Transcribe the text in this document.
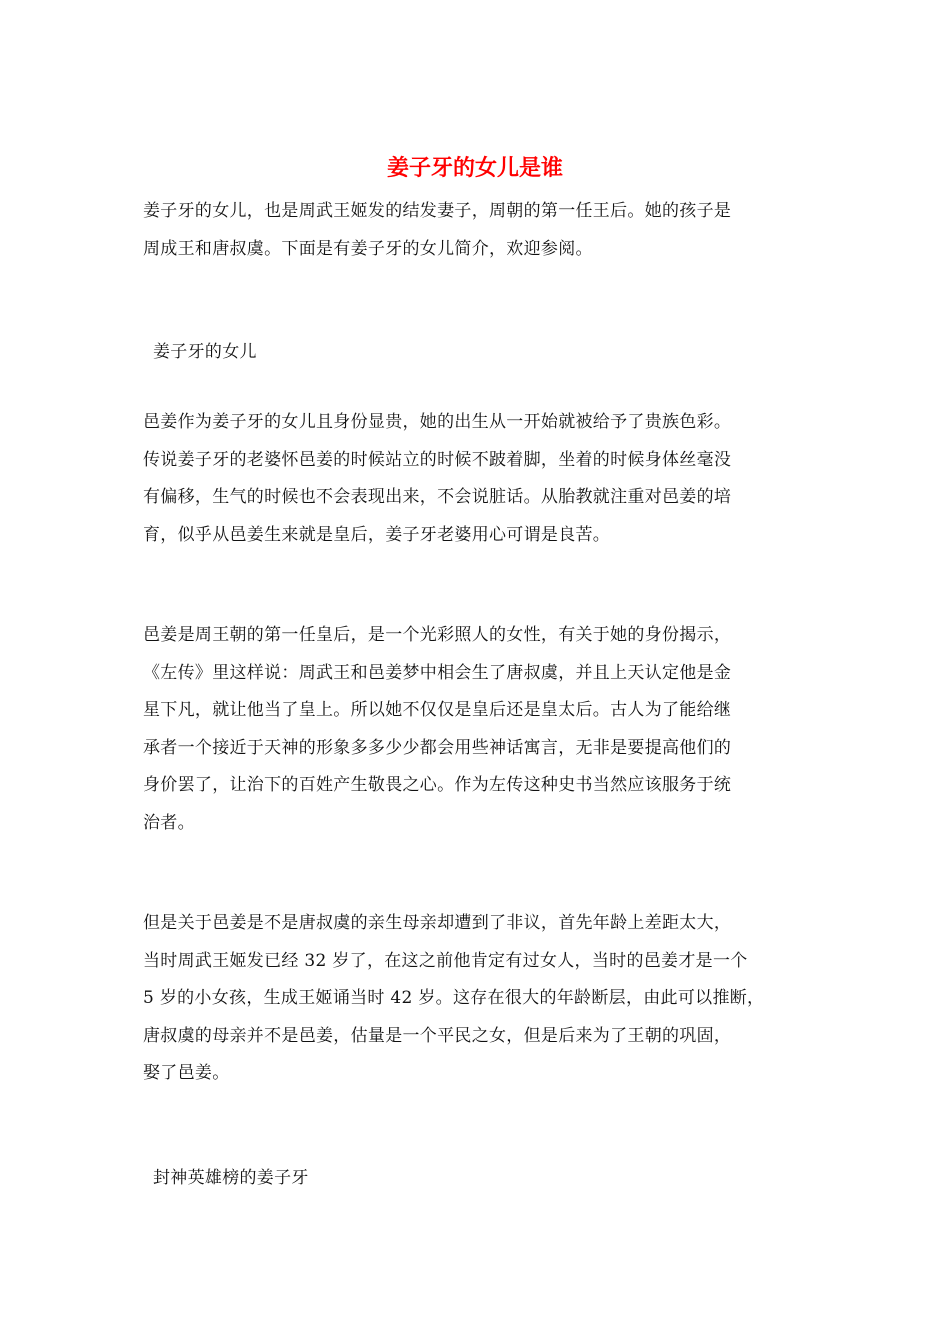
姜子牙的女儿是谁

姜子牙的女儿，也是周武王姬发的结发妻子，周朝的第一任王后。她的孩子是
周成王和唐叔虞。下面是有姜子牙的女儿简介，欢迎参阅。

姜子牙的女儿

邑姜作为姜子牙的女儿且身份显贵，她的出生从一开始就被给予了贵族色彩。
传说姜子牙的老婆怀邑姜的时候站立的时候不跛着脚，坐着的时候身体丝毫没
有偏移，生气的时候也不会表现出来，不会说脏话。从胎教就注重对邑姜的培
育，似乎从邑姜生来就是皇后，姜子牙老婆用心可谓是良苦。

邑姜是周王朝的第一任皇后，是一个光彩照人的女性，有关于她的身份揭示，
《左传》里这样说：周武王和邑姜梦中相会生了唐叔虞，并且上天认定他是金
星下凡，就让他当了皇上。所以她不仅仅是皇后还是皇太后。古人为了能给继
承者一个接近于天神的形象多多少少都会用些神话寓言，无非是要提高他们的
身价罢了，让治下的百姓产生敬畏之心。作为左传这种史书当然应该服务于统
治者。

但是关于邑姜是不是唐叔虞的亲生母亲却遭到了非议，首先年龄上差距太大，
当时周武王姬发已经 32 岁了，在这之前他肯定有过女人，当时的邑姜才是一个
5 岁的小女孩，生成王姬诵当时 42 岁。这存在很大的年龄断层，由此可以推断，
唐叔虞的母亲并不是邑姜，估量是一个平民之女，但是后来为了王朝的巩固，
娶了邑姜。

封神英雄榜的姜子牙
